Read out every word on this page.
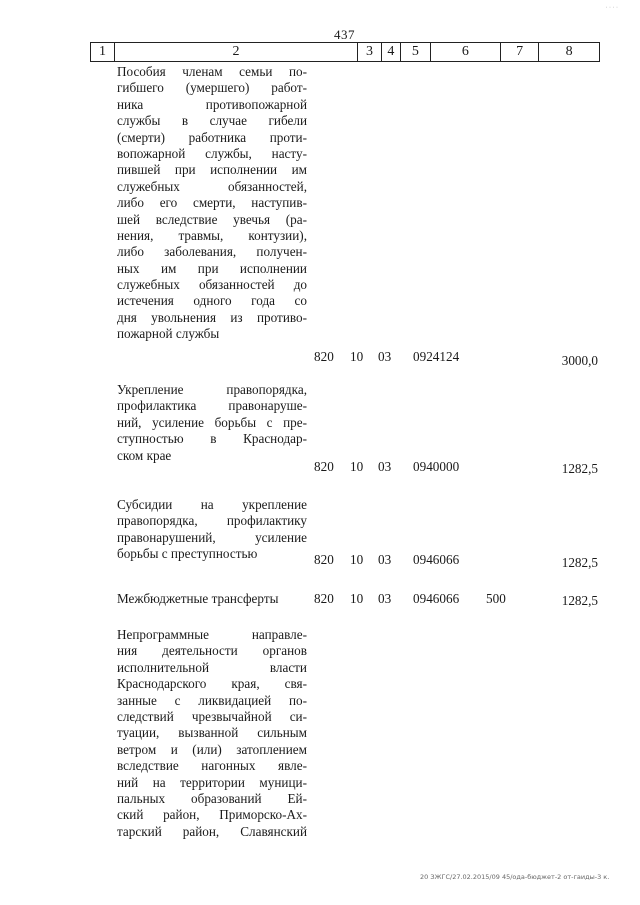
· · · ·
437
1	2	3	4	5	6	7	8
Пособия членам семьи по-
гибшего (умершего) работ-
ника противопожарной
службы в случае гибели
(смерти) работника проти-
вопожарной службы, насту-
пившей при исполнении им
служебных обязанностей,
либо его смерти, наступив-
шей вследствие увечья (ра-
нения, травмы, контузии),
либо заболевания, получен-
ных им при исполнении
служебных обязанностей до
истечения одного года со
дня увольнения из противо-
пожарной службы
820 10 03 0924124	3000,0
Укрепление правопорядка,
профилактика правонаруше-
ний, усиление борьбы с пре-
ступностью в Краснодар-
ском крае
820 10 03 0940000	1282,5
Субсидии на укрепление
правопорядка, профилактику
правонарушений, усиление
борьбы с преступностью	820 10 03 0946066	1282,5
Межбюджетные трансферты	820 10 03 0946066 500	1282,5
Непрограммные направле-
ния деятельности органов
исполнительной власти
Краснодарского края, свя-
занные с ликвидацией по-
следствий чрезвычайной си-
туации, вызванной сильным
ветром и (или) затоплением
вследствие нагонных явле-
ний на территории муници-
пальных образований Ей-
ский район, Приморско-Ах-
тарский район, Славянский
20 ЗЖГС/27.02.2015/09 45/ода-бюджет-2 от-гаиды-3 к.
